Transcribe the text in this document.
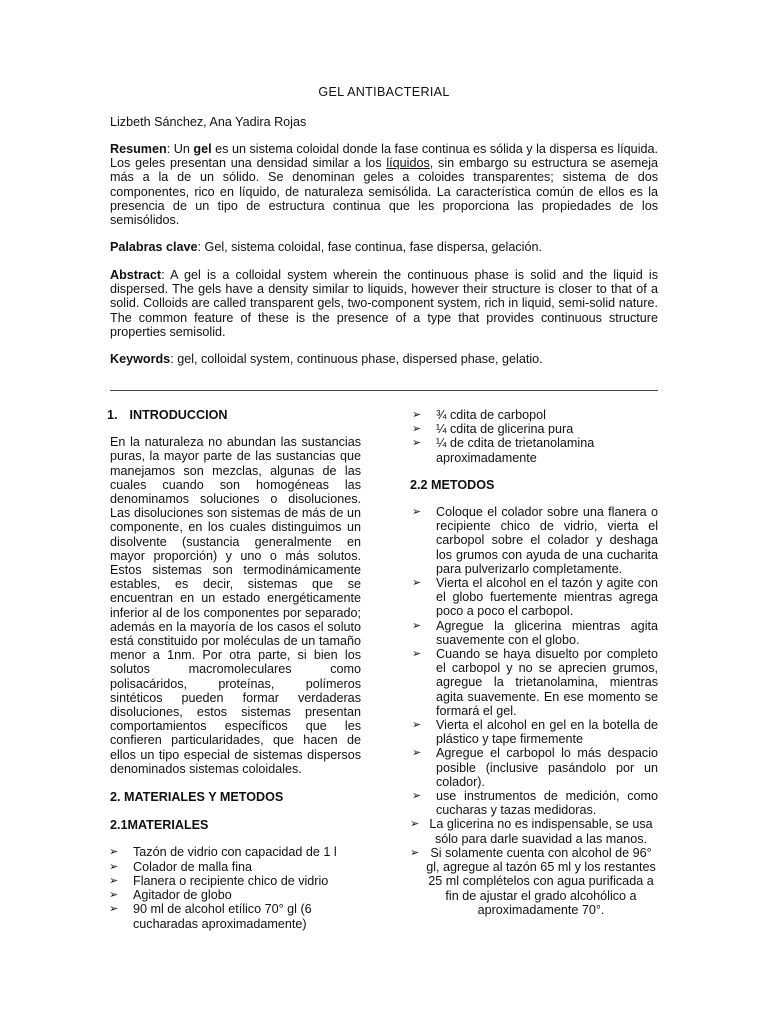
GEL ANTIBACTERIAL
Lizbeth Sánchez, Ana Yadira Rojas
Resumen: Un gel es un sistema coloidal donde la fase continua es sólida y la dispersa es líquida. Los geles presentan una densidad similar a los líquidos, sin embargo su estructura se asemeja más a la de un sólido. Se denominan geles a coloides transparentes; sistema de dos componentes, rico en líquido, de naturaleza semisólida. La característica común de ellos es la presencia de un tipo de estructura continua que les proporciona las propiedades de los semisólidos.
Palabras clave: Gel, sistema coloidal, fase continua, fase dispersa, gelación.
Abstract: A gel is a colloidal system wherein the continuous phase is solid and the liquid is dispersed. The gels have a density similar to liquids, however their structure is closer to that of a solid. Colloids are called transparent gels, two-component system, rich in liquid, semi-solid nature. The common feature of these is the presence of a type that provides continuous structure properties semisolid.
Keywords: gel, colloidal system, continuous phase, dispersed phase, gelatio.
1. INTRODUCCION
En la naturaleza no abundan las sustancias puras, la mayor parte de las sustancias que manejamos son mezclas, algunas de las cuales cuando son homogéneas las denominamos soluciones o disoluciones. Las disoluciones son sistemas de más de un componente, en los cuales distinguimos un disolvente (sustancia generalmente en mayor proporción) y uno o más solutos. Estos sistemas son termodinámicamente estables, es decir, sistemas que se encuentran en un estado energéticamente inferior al de los componentes por separado; además en la mayoría de los casos el soluto está constituido por moléculas de un tamaño menor a 1nm. Por otra parte, si bien los solutos macromoleculares como polisacáridos, proteínas, polímeros sintéticos pueden formar verdaderas disoluciones, estos sistemas presentan comportamientos específicos que les confieren particularidades, que hacen de ellos un tipo especial de sistemas dispersos denominados sistemas coloidales.
2. MATERIALES Y METODOS
2.1MATERIALES
➢ Tazón de vidrio con capacidad de 1 l
➢ Colador de malla fina
➢ Flanera o recipiente chico de vidrio
➢ Agitador de globo
➢ 90 ml de alcohol etílico 70° gl (6 cucharadas aproximadamente)
➢ ¾ cdita de carbopol
➢ ¼ cdita de glicerina pura
➢ ¼ de cdita de trietanolamina aproximadamente
2.2 METODOS
➢ Coloque el colador sobre una flanera o recipiente chico de vidrio, vierta el carbopol sobre el colador y deshaga los grumos con ayuda de una cucharita para pulverizarlo completamente.
➢ Vierta el alcohol en el tazón y agite con el globo fuertemente mientras agrega poco a poco el carbopol.
➢ Agregue la glicerina mientras agita suavemente con el globo.
➢ Cuando se haya disuelto por completo el carbopol y no se aprecien grumos, agregue la trietanolamina, mientras agita suavemente. En ese momento se formará el gel.
➢ Vierta el alcohol en gel en la botella de plástico y tape firmemente
➢ Agregue el carbopol lo más despacio posible (inclusive pasándolo por un colador).
➢ use instrumentos de medición, como cucharas y tazas medidoras.
➢ La glicerina no es indispensable, se usa sólo para darle suavidad a las manos.
➢ Si solamente cuenta con alcohol de 96° gl, agregue al tazón 65 ml y los restantes 25 ml complételos con agua purificada a fin de ajustar el grado alcohólico a aproximadamente 70°.
